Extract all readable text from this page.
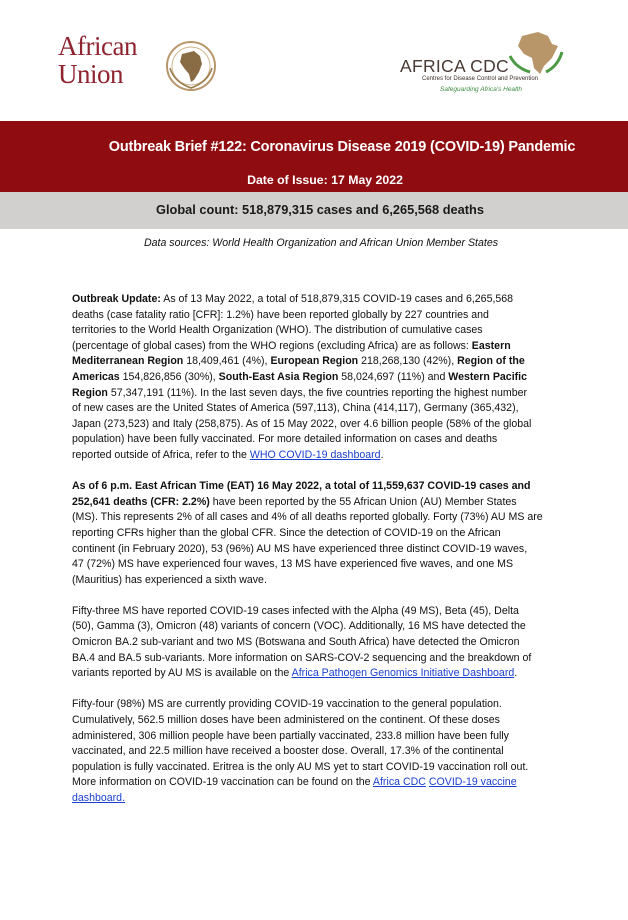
African
Union	AFRICA CDC
Centres for Disease Control and Prevention
Safeguarding Africa's Health
Outbreak Brief #122: Coronavirus Disease 2019 (COVID-19) Pandemic
Date of Issue: 17 May 2022
Global count: 518,879,315 cases and 6,265,568 deaths
Data sources: World Health Organization and African Union Member States
Outbreak Update: As of 13 May 2022, a total of 518,879,315 COVID-19 cases and 6,265,568
deaths (case fatality ratio [CFR]: 1.2%) have been reported globally by 227 countries and
territories to the World Health Organization (WHO). The distribution of cumulative cases
(percentage of global cases) from the WHO regions (excluding Africa) are as follows: Eastern
Mediterranean Region 18,409,461 (4%), European Region 218,268,130 (42%), Region of the
Americas 154,826,856 (30%), South-East Asia Region 58,024,697 (11%) and Western Pacific
Region 57,347,191 (11%). In the last seven days, the five countries reporting the highest number
of new cases are the United States of America (597,113), China (414,117), Germany (365,432),
Japan (273,523) and Italy (258,875). As of 15 May 2022, over 4.6 billion people (58% of the global
population) have been fully vaccinated. For more detailed information on cases and deaths
reported outside of Africa, refer to the WHO COVID-19 dashboard.
As of 6 p.m. East African Time (EAT) 16 May 2022, a total of 11,559,637 COVID-19 cases and
252,641 deaths (CFR: 2.2%) have been reported by the 55 African Union (AU) Member States
(MS). This represents 2% of all cases and 4% of all deaths reported globally. Forty (73%) AU MS are
reporting CFRs higher than the global CFR. Since the detection of COVID-19 on the African
continent (in February 2020), 53 (96%) AU MS have experienced three distinct COVID-19 waves,
47 (72%) MS have experienced four waves, 13 MS have experienced five waves, and one MS
(Mauritius) has experienced a sixth wave.
Fifty-three MS have reported COVID-19 cases infected with the Alpha (49 MS), Beta (45), Delta
(50), Gamma (3), Omicron (48) variants of concern (VOC). Additionally, 16 MS have detected the
Omicron BA.2 sub-variant and two MS (Botswana and South Africa) have detected the Omicron
BA.4 and BA.5 sub-variants. More information on SARS-COV-2 sequencing and the breakdown of
variants reported by AU MS is available on the Africa Pathogen Genomics Initiative Dashboard.
Fifty-four (98%) MS are currently providing COVID-19 vaccination to the general population.
Cumulatively, 562.5 million doses have been administered on the continent. Of these doses
administered, 306 million people have been partially vaccinated, 233.8 million have been fully
vaccinated, and 22.5 million have received a booster dose. Overall, 17.3% of the continental
population is fully vaccinated. Eritrea is the only AU MS yet to start COVID-19 vaccination roll out.
More information on COVID-19 vaccination can be found on the Africa CDC COVID-19 vaccine
dashboard.
